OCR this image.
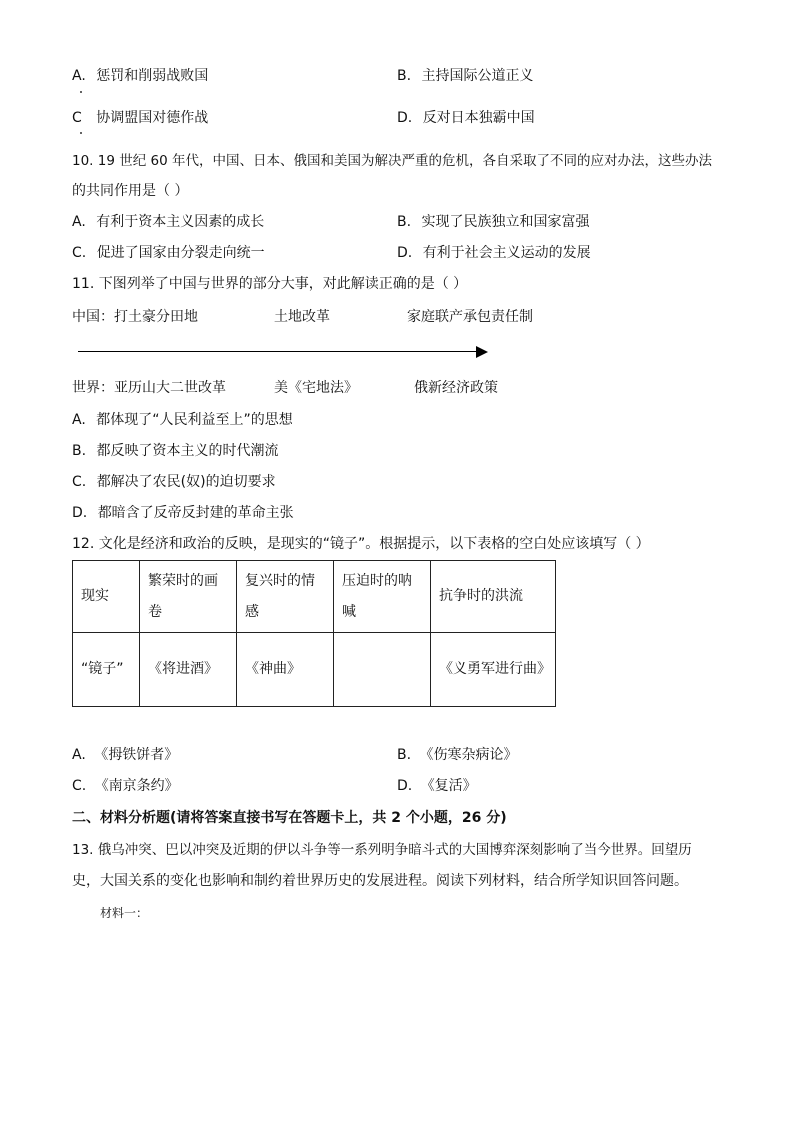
A. 惩罚和削弱战败国	B. 主持国际公道正义
C 协调盟国对德作战	D. 反对日本独霸中国
10. 19 世纪 60 年代，中国、日本、俄国和美国为解决严重的危机，各自采取了不同的应对办法，这些办法
的共同作用是（ ）
A. 有利于资本主义因素的成长	B. 实现了民族独立和国家富强
C. 促进了国家由分裂走向统一	D. 有利于社会主义运动的发展
11. 下图列举了中国与世界的部分大事，对此解读正确的是（ ）
中国：打土豪分田地	土地改革	家庭联产承包责任制
世界：亚历山大二世改革	美《宅地法》	俄新经济政策
A. 都体现了“人民利益至上”的思想
B. 都反映了资本主义的时代潮流
C. 都解决了农民(奴)的迫切要求
D. 都暗含了反帝反封建的革命主张
12. 文化是经济和政治的反映，是现实的“镜子”。根据提示，以下表格的空白处应该填写（ ）
现实	繁荣时的画卷	复兴时的情感	压迫时的呐喊	抗争时的洪流
“镜子”	《将进酒》	《神曲》		《义勇军进行曲》
A. 《拇铁饼者》	B. 《伤寒杂病论》
C. 《南京条约》	D. 《复活》
二、材料分析题(请将答案直接书写在答题卡上，共 2 个小题，26 分)
13. 俄乌冲突、巴以冲突及近期的伊以斗争等一系列明争暗斗式的大国博弈深刻影响了当今世界。回望历
史，大国关系的变化也影响和制约着世界历史的发展进程。阅读下列材料，结合所学知识回答问题。
材料一：
